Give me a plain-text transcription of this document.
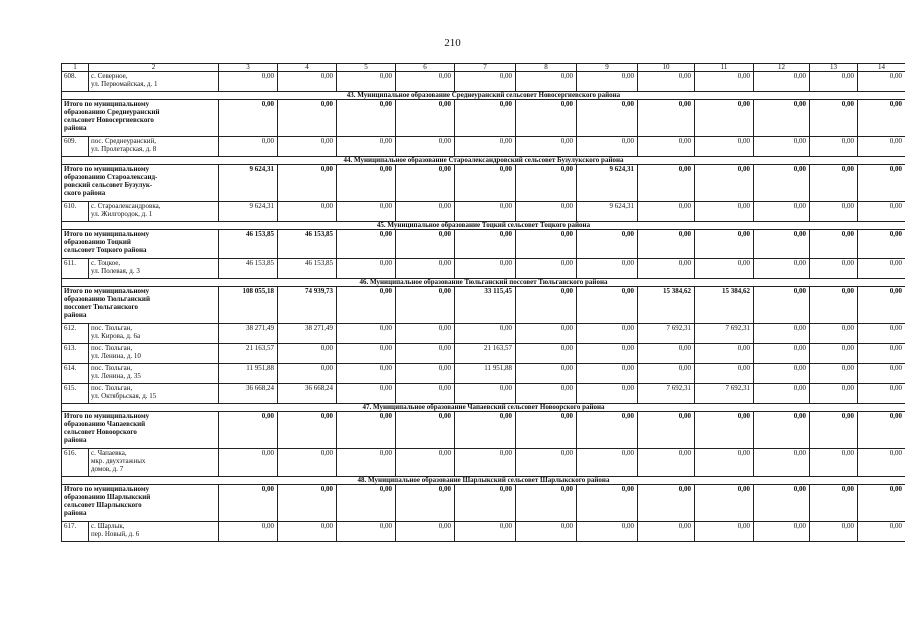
210
1	2	3	4	5	6	7	8	9	10	11	12	13	14
608.	с. Северное,
ул. Первомайская, д. 1	0,00	0,00	0,00	0,00	0,00	0,00	0,00	0,00	0,00	0,00	0,00	0,00
43. Муниципальное образование Среднеуранский сельсовет Новосергиевского района													
Итого по муниципальному
образованию Среднеуранский
сельсовет Новосергиевского
района		0,00	0,00	0,00	0,00	0,00	0,00	0,00	0,00	0,00	0,00	0,00	0,00
609.	пос. Среднеуранский,
ул. Пролетарская, д. 8	0,00	0,00	0,00	0,00	0,00	0,00	0,00	0,00	0,00	0,00	0,00	0,00
44. Муниципальное образование Староалександровский сельсовет Бузулукского района													
Итого по муниципальному
образованию Староалександ-
ровский сельсовет Бузулук-
ского района		9 624,31	0,00	0,00	0,00	0,00	0,00	9 624,31	0,00	0,00	0,00	0,00	0,00
610.	с. Староалександровка,
ул. Жилгородок, д. 1	9 624,31	0,00	0,00	0,00	0,00	0,00	9 624,31	0,00	0,00	0,00	0,00	0,00
45. Муниципальное образование Тоцкий сельсовет Тоцкого района													
Итого по муниципальному
образованию Тоцкий
сельсовет Тоцкого района		46 153,85	46 153,85	0,00	0,00	0,00	0,00	0,00	0,00	0,00	0,00	0,00	0,00
611.	с. Тоцкое,
ул. Полевая, д. 3	46 153,85	46 153,85	0,00	0,00	0,00	0,00	0,00	0,00	0,00	0,00	0,00	0,00
46. Муниципальное образование Тюльганский поссовет Тюльганского района													
Итого по муниципальному
образованию Тюльганский
поссовет Тюльганского
района		108 055,18	74 939,73	0,00	0,00	33 115,45	0,00	0,00	15 384,62	15 384,62	0,00	0,00	0,00
612.	пос. Тюльган,
ул. Кирова, д. 6а	38 271,49	38 271,49	0,00	0,00	0,00	0,00	0,00	7 692,31	7 692,31	0,00	0,00	0,00
613.	пос. Тюльган,
ул. Ленина, д. 10	21 163,57	0,00	0,00	0,00	21 163,57	0,00	0,00	0,00	0,00	0,00	0,00	0,00
614.	пос. Тюльган,
ул. Ленина, д. 35	11 951,88	0,00	0,00	0,00	11 951,88	0,00	0,00	0,00	0,00	0,00	0,00	0,00
615.	пос. Тюльган,
ул. Октябрьская, д. 15	36 668,24	36 668,24	0,00	0,00	0,00	0,00	0,00	7 692,31	7 692,31	0,00	0,00	0,00
47. Муниципальное образование Чапаевский сельсовет Новоорского района													
Итого по муниципальному
образованию Чапаевский
сельсовет Новоорского
района		0,00	0,00	0,00	0,00	0,00	0,00	0,00	0,00	0,00	0,00	0,00	0,00
616.	с. Чапаевка,
мкр. двухэтажных
домов, д. 7	0,00	0,00	0,00	0,00	0,00	0,00	0,00	0,00	0,00	0,00	0,00	0,00
48. Муниципальное образование Шарлыкский сельсовет Шарлыкского района													
Итого по муниципальному
образованию Шарлыкский
сельсовет Шарлыкского
района		0,00	0,00	0,00	0,00	0,00	0,00	0,00	0,00	0,00	0,00	0,00	0,00
617.	с. Шарлык,
пер. Новый, д. 6	0,00	0,00	0,00	0,00	0,00	0,00	0,00	0,00	0,00	0,00	0,00	0,00
